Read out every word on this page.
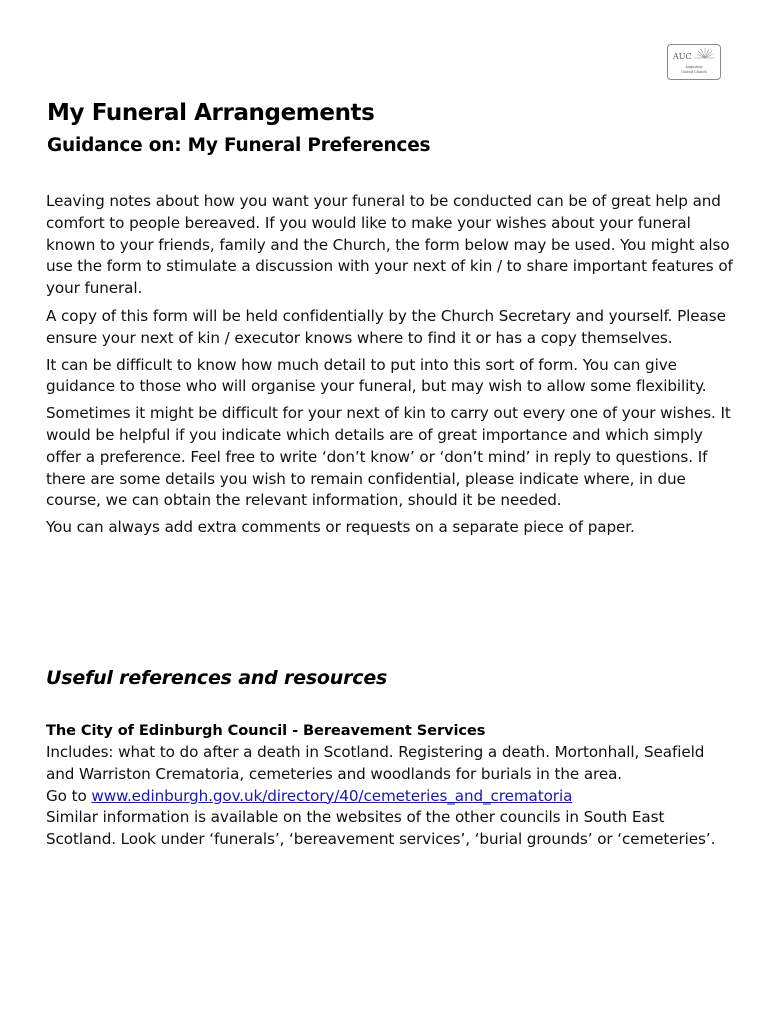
AUC
Augustine
United Church
My Funeral Arrangements
Guidance on: My Funeral Preferences

Leaving notes about how you want your funeral to be conducted can be of great help and comfort to people bereaved. If you would like to make your wishes about your funeral known to your friends, family and the Church, the form below may be used. You might also use the form to stimulate a discussion with your next of kin / to share important features of your funeral.

A copy of this form will be held confidentially by the Church Secretary and yourself. Please ensure your next of kin / executor knows where to find it or has a copy themselves.

It can be difficult to know how much detail to put into this sort of form. You can give guidance to those who will organise your funeral, but may wish to allow some flexibility.

Sometimes it might be difficult for your next of kin to carry out every one of your wishes. It would be helpful if you indicate which details are of great importance and which simply offer a preference. Feel free to write ‘don’t know’ or ‘don’t mind’ in reply to questions. If there are some details you wish to remain confidential, please indicate where, in due course, we can obtain the relevant information, should it be needed.

You can always add extra comments or requests on a separate piece of paper.

Useful references and resources

The City of Edinburgh Council - Bereavement Services

Includes: what to do after a death in Scotland. Registering a death. Mortonhall, Seafield and Warriston Crematoria, cemeteries and woodlands for burials in the area.

Go to www.edinburgh.gov.uk/directory/40/cemeteries_and_crematoria

Similar information is available on the websites of the other councils in South East Scotland. Look under ‘funerals’, ‘bereavement services’, ‘burial grounds’ or ‘cemeteries’.
